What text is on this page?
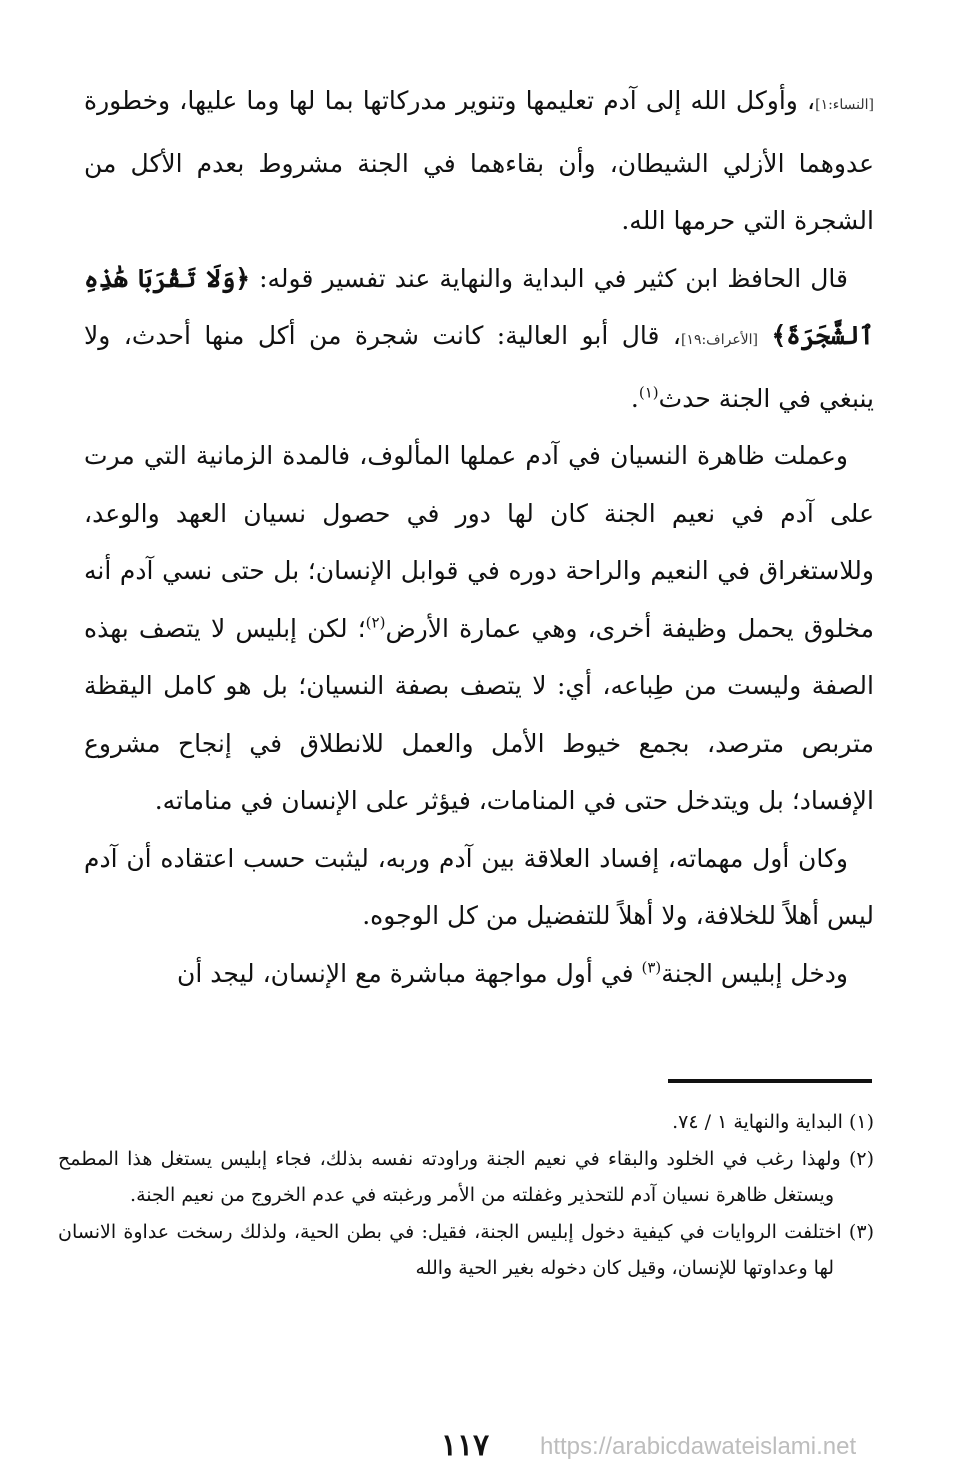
[النساء:١]، وأوكل الله إلى آدم تعليمها وتنوير مدركاتها بما لها وما عليها، وخطورة عدوهما الأزلي الشيطان، وأن بقاءهما في الجنة مشروط بعدم الأكل من الشجرة التي حرمها الله.

قال الحافظ ابن كثير في البداية والنهاية عند تفسير قوله: ﴿وَلَا تَقْرَبَا هَٰذِهِ ٱلشَّجَرَةَ﴾ [الأعراف:١٩]، قال أبو العالية: كانت شجرة من أكل منها أحدث، ولا ينبغي في الجنة حدث$^{(١)}$.

وعملت ظاهرة النسيان في آدم عملها المألوف، فالمدة الزمانية التي مرت على آدم في نعيم الجنة كان لها دور في حصول نسيان العهد والوعد، وللاستغراق في النعيم والراحة دوره في قوابل الإنسان؛ بل حتى نسي آدم أنه مخلوق يحمل وظيفة أخرى، وهي عمارة الأرض$^{(٢)}$؛ لكن إبليس لا يتصف بهذه الصفة وليست من طِباعه، أي: لا يتصف بصفة النسيان؛ بل هو كامل اليقظة متربص مترصد، بجمع خيوط الأمل والعمل للانطلاق في إنجاح مشروع الإفساد؛ بل ويتدخل حتى في المنامات، فيؤثر على الإنسان في مناماته.

وكان أول مهماته، إفساد العلاقة بين آدم وربه، ليثبت حسب اعتقاده أن آدم ليس أهلاً للخلافة، ولا أهلاً للتفضيل من كل الوجوه.

ودخل إبليس الجنة$^{(٣)}$ في أول مواجهة مباشرة مع الإنسان، ليجد أن

(١) البداية والنهاية ١ / ٧٤.

(٢) ولهذا رغب في الخلود والبقاء في نعيم الجنة وراودته نفسه بذلك، فجاء إبليس يستغل هذا المطمح ويستغل ظاهرة نسيان آدم للتحذير وغفلته من الأمر ورغبته في عدم الخروج من نعيم الجنة.

(٣) اختلفت الروايات في كيفية دخول إبليس الجنة، فقيل: في بطن الحية، ولذلك رسخت عداوة الانسان لها وعداوتها للإنسان، وقيل كان دخوله بغير الحية والله

١١٧	https://arabicdawateislami.net
